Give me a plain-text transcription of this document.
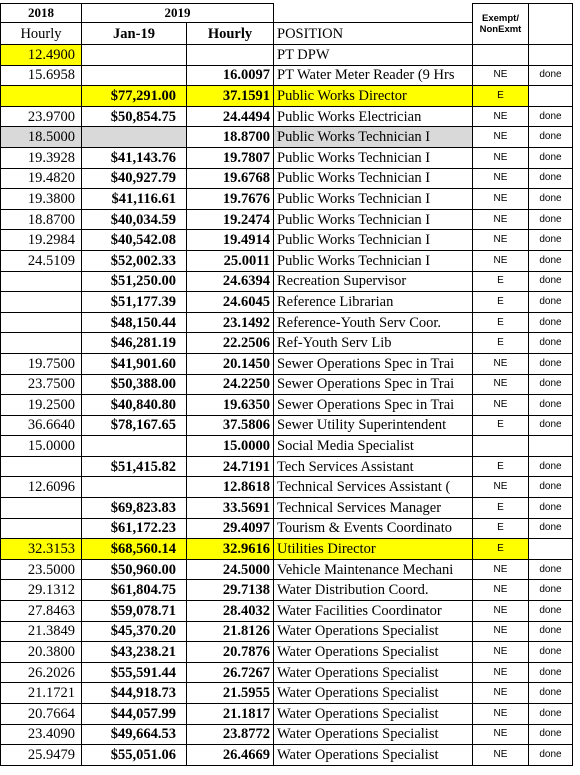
2018	2019			Exempt/ NonExmt	
Hourly	Jan-19	Hourly	POSITION		
12.4900			PT DPW		
15.6958		16.0097	PT Water Meter Reader (9 Hrs	NE	done
	$77,291.00	37.1591	Public Works Director	E	
23.9700	$50,854.75	24.4494	Public Works Electrician	NE	done
18.5000		18.8700	Public Works Technician I	NE	done
19.3928	$41,143.76	19.7807	Public Works Technician I	NE	done
19.4820	$40,927.79	19.6768	Public Works Technician I	NE	done
19.3800	$41,116.61	19.7676	Public Works Technician I	NE	done
18.8700	$40,034.59	19.2474	Public Works Technician I	NE	done
19.2984	$40,542.08	19.4914	Public Works Technician I	NE	done
24.5109	$52,002.33	25.0011	Public Works Technician I	NE	done
	$51,250.00	24.6394	Recreation Supervisor	E	done
	$51,177.39	24.6045	Reference Librarian	E	done
	$48,150.44	23.1492	Reference-Youth Serv Coor.	E	done
	$46,281.19	22.2506	Ref-Youth Serv Lib	E	done
19.7500	$41,901.60	20.1450	Sewer Operations Spec in Trai	NE	done
23.7500	$50,388.00	24.2250	Sewer Operations Spec in Trai	NE	done
19.2500	$40,840.80	19.6350	Sewer Operations Spec in Trai	NE	done
36.6640	$78,167.65	37.5806	Sewer Utility Superintendent	E	done
15.0000		15.0000	Social Media Specialist		
	$51,415.82	24.7191	Tech Services Assistant	E	done
12.6096		12.8618	Technical Services Assistant (	NE	done
	$69,823.83	33.5691	Technical Services Manager	E	done
	$61,172.23	29.4097	Tourism & Events Coordinato	E	done
32.3153	$68,560.14	32.9616	Utilities Director	E	
23.5000	$50,960.00	24.5000	Vehicle Maintenance Mechani	NE	done
29.1312	$61,804.75	29.7138	Water Distribution Coord.	NE	done
27.8463	$59,078.71	28.4032	Water Facilities Coordinator	NE	done
21.3849	$45,370.20	21.8126	Water Operations Specialist	NE	done
20.3800	$43,238.21	20.7876	Water Operations Specialist	NE	done
26.2026	$55,591.44	26.7267	Water Operations Specialist	NE	done
21.1721	$44,918.73	21.5955	Water Operations Specialist	NE	done
20.7664	$44,057.99	21.1817	Water Operations Specialist	NE	done
23.4090	$49,664.53	23.8772	Water Operations Specialist	NE	done
25.9479	$55,051.06	26.4669	Water Operations Specialist	NE	done
